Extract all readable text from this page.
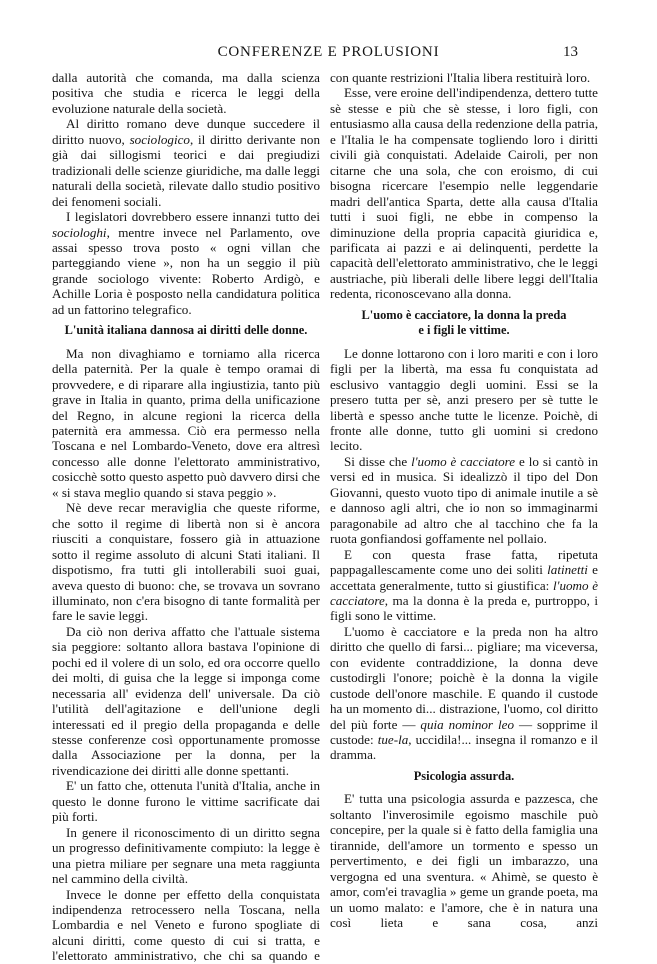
CONFERENZE E PROLUSIONI	13

dalla autorità che comanda, ma dalla scienza positiva che studia e ricerca le leggi della evoluzione naturale della società.

Al diritto romano deve dunque succedere il diritto nuovo, sociologico, il diritto derivante non già dai sillogismi teorici e dai pregiudizi tradizionali delle scienze giuridiche, ma dalle leggi naturali della società, rilevate dallo studio positivo dei fenomeni sociali.

I legislatori dovrebbero essere innanzi tutto dei sociologhi, mentre invece nel Parlamento, ove assai spesso trova posto « ogni villan che parteggiando viene », non ha un seggio il più grande sociologo vivente: Roberto Ardigò, e Achille Loria è posposto nella candidatura politica ad un fattorino telegrafico.

L'unità italiana dannosa ai diritti delle donne.

Ma non divaghiamo e torniamo alla ricerca della paternità. Per la quale è tempo oramai di provvedere, e di riparare alla ingiustizia, tanto più grave in Italia in quanto, prima della unificazione del Regno, in alcune regioni la ricerca della paternità era ammessa. Ciò era permesso nella Toscana e nel Lombardo-Veneto, dove era altresì concesso alle donne l'elettorato amministrativo, cosicchè sotto questo aspetto può davvero dirsi che « si stava meglio quando si stava peggio ».

Nè deve recar meraviglia che queste riforme, che sotto il regime di libertà non si è ancora riusciti a conquistare, fossero già in attuazione sotto il regime assoluto di alcuni Stati italiani. Il dispotismo, fra tutti gli intollerabili suoi guai, aveva questo di buono: che, se trovava un sovrano illuminato, non c'era bisogno di tante formalità per fare le savie leggi.

Da ciò non deriva affatto che l'attuale sistema sia peggiore: soltanto allora bastava l'opinione di pochi ed il volere di un solo, ed ora occorre quello dei molti, di guisa che la legge si imponga come necessaria all' evidenza dell' universale. Da ciò l'utilità dell'agitazione e dell'unione degli interessati ed il pregio della propaganda e delle stesse conferenze così opportunamente promosse dalla Associazione per la donna, per la rivendicazione dei diritti alle donne spettanti.

E' un fatto che, ottenuta l'unità d'Italia, anche in questo le donne furono le vittime sacrificate dai più forti.

In genere il riconoscimento di un diritto segna un progresso definitivamente compiuto: la legge è una pietra miliare per segnare una meta raggiunta nel cammino della civiltà.

Invece le donne per effetto della conquistata indipendenza retrocessero nella Toscana, nella Lombardia e nel Veneto e furono spogliate di alcuni diritti, come questo di cui si tratta, e l'elettorato amministrativo, che chi sa quando e

con quante restrizioni l'Italia libera restituirà loro.

Esse, vere eroine dell'indipendenza, dettero tutte sè stesse e più che sè stesse, i loro figli, con entusiasmo alla causa della redenzione della patria, e l'Italia le ha compensate togliendo loro i diritti civili già conquistati. Adelaide Cairoli, per non citarne che una sola, che con eroismo, di cui bisogna ricercare l'esempio nelle leggendarie madri dell'antica Sparta, dette alla causa d'Italia tutti i suoi figli, ne ebbe in compenso la diminuzione della propria capacità giuridica e, parificata ai pazzi e ai delinquenti, perdette la capacità dell'elettorato amministrativo, che le leggi austriache, più liberali delle libere leggi dell'Italia redenta, riconoscevano alla donna.

L'uomo è cacciatore, la donna la preda
e i figli le vittime.

Le donne lottarono con i loro mariti e con i loro figli per la libertà, ma essa fu conquistata ad esclusivo vantaggio degli uomini. Essi se la presero tutta per sè, anzi presero per sè tutte le libertà e spesso anche tutte le licenze. Poichè, di fronte alle donne, tutto gli uomini si credono lecito.

Si disse che l'uomo è cacciatore e lo si cantò in versi ed in musica. Si idealizzò il tipo del Don Giovanni, questo vuoto tipo di animale inutile a sè e dannoso agli altri, che io non so immaginarmi paragonabile ad altro che al tacchino che fa la ruota gonfiandosi goffamente nel pollaio.

E con questa frase fatta, ripetuta pappagallescamente come uno dei soliti latinetti e accettata generalmente, tutto si giustifica: l'uomo è cacciatore, ma la donna è la preda e, purtroppo, i figli sono le vittime.

L'uomo è cacciatore e la preda non ha altro diritto che quello di farsi... pigliare; ma viceversa, con evidente contraddizione, la donna deve custodirgli l'onore; poichè è la donna la vigile custode dell'onore maschile. E quando il custode ha un momento di... distrazione, l'uomo, col diritto del più forte — quia nominor leo — sopprime il custode: tue-la, uccidila!... insegna il romanzo e il dramma.

Psicologia assurda.

E' tutta una psicologia assurda e pazzesca, che soltanto l'inverosimile egoismo maschile può concepire, per la quale si è fatto della famiglia una tirannide, dell'amore un tormento e spesso un pervertimento, e dei figli un imbarazzo, una vergogna ed una sventura. « Ahimè, se questo è amor, com'ei travaglia » geme un grande poeta, ma un uomo malato: e l'amore, che è in natura una così lieta e sana cosa, anzi
